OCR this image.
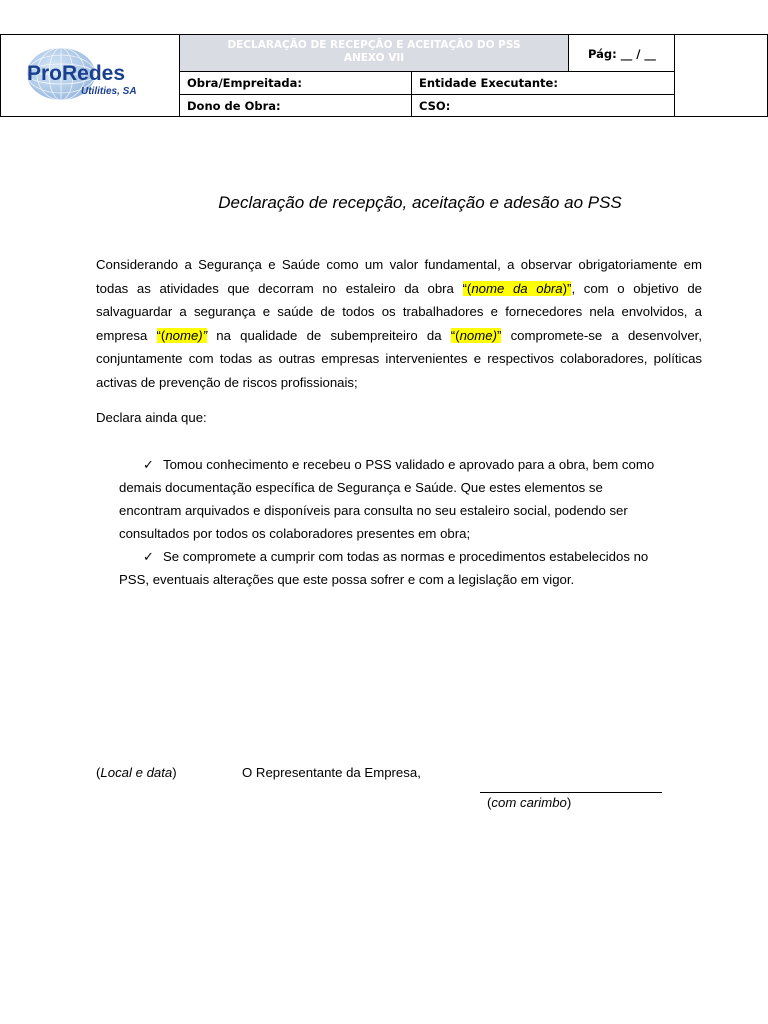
ProRedes
Utilities, SA
DECLARAÇÃO DE RECEPÇÃO E ACEITAÇÃO DO PSS
ANEXO VII	Pág: __ / __
Obra/Empreitada:	Entidade Executante:
Dono de Obra:	CSO:
Declaração de recepção, aceitação e adesão ao PSS
Considerando a Segurança e Saúde como um valor fundamental, a observar obrigatoriamente em todas as atividades que decorram no estaleiro da obra “(nome da obra)”, com o objetivo de salvaguardar a segurança e saúde de todos os trabalhadores e fornecedores nela envolvidos, a empresa “(nome)” na qualidade de subempreiteiro da “(nome)” compromete-se a desenvolver, conjuntamente com todas as outras empresas intervenientes e respectivos colaboradores, políticas activas de prevenção de riscos profissionais;
Declara ainda que:
✓ Tomou conhecimento e recebeu o PSS validado e aprovado para a obra, bem como
demais documentação específica de Segurança e Saúde. Que estes elementos se
encontram arquivados e disponíveis para consulta no seu estaleiro social, podendo ser
consultados por todos os colaboradores presentes em obra;
✓ Se compromete a cumprir com todas as normas e procedimentos estabelecidos no
PSS, eventuais alterações que este possa sofrer e com a legislação em vigor.
(Local e data)	O Representante da Empresa,
(com carimbo)
